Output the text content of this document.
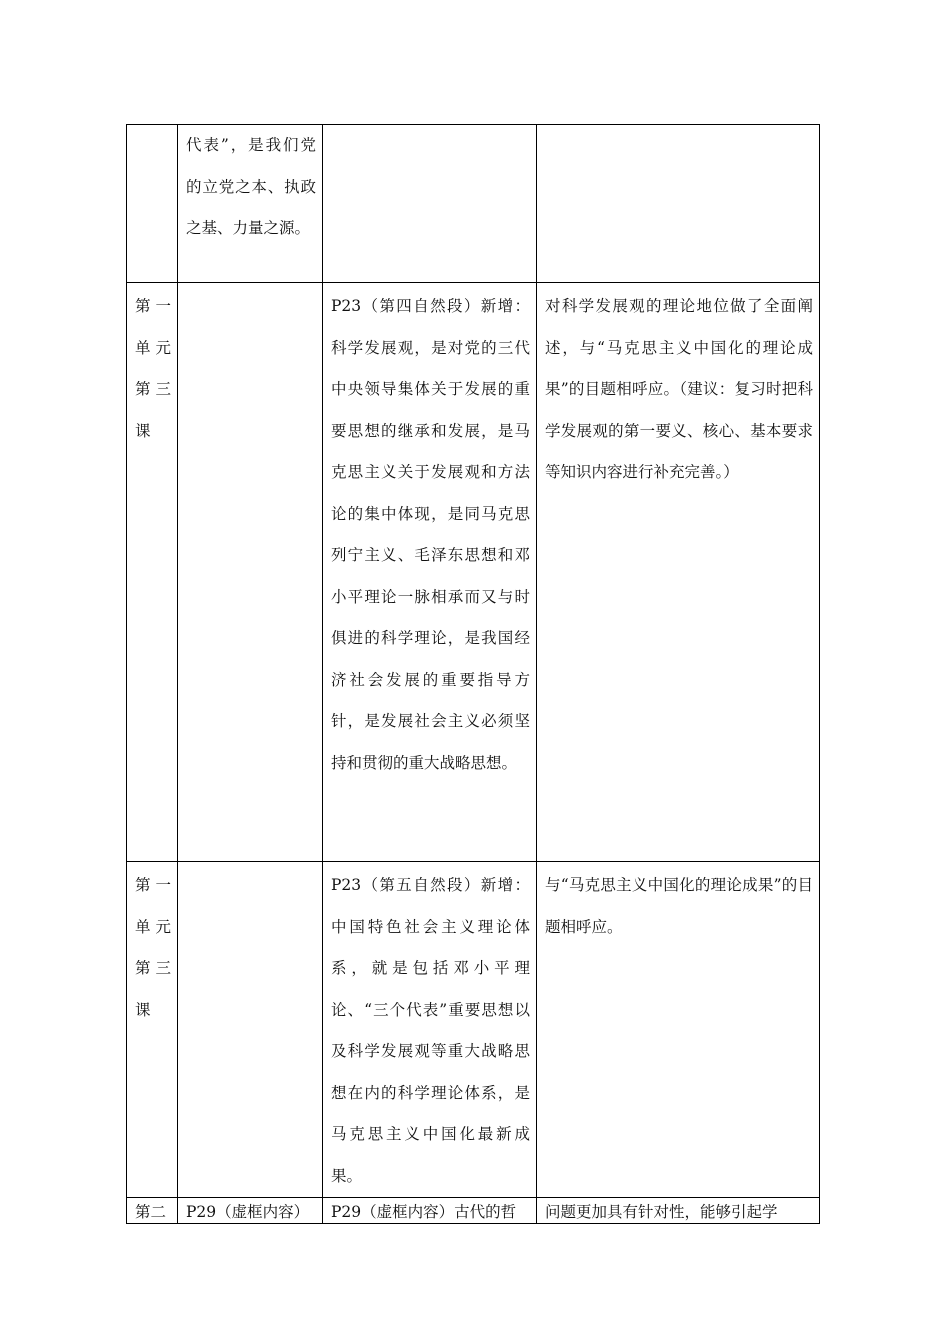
	代表”，是我们党的立党之本、执政之基、力量之源。		
第一单元第三课		P23（第四自然段）新增：科学发展观，是对党的三代中央领导集体关于发展的重要思想的继承和发展，是马克思主义关于发展观和方法论的集中体现，是同马克思列宁主义、毛泽东思想和邓小平理论一脉相承而又与时俱进的科学理论，是我国经济社会发展的重要指导方针，是发展社会主义必须坚持和贯彻的重大战略思想。	对科学发展观的理论地位做了全面阐述，与“马克思主义中国化的理论成果”的目题相呼应。（建议：复习时把科学发展观的第一要义、核心、基本要求等知识内容进行补充完善。）
第一单元第三课		P23（第五自然段）新增：中国特色社会主义理论体系，就是包括邓小平理论、“三个代表”重要思想以及科学发展观等重大战略思想在内的科学理论体系，是马克思主义中国化最新成果。	与“马克思主义中国化的理论成果”的目题相呼应。
第二	P29（虚框内容）	P29（虚框内容）古代的哲	问题更加具有针对性，能够引起学
